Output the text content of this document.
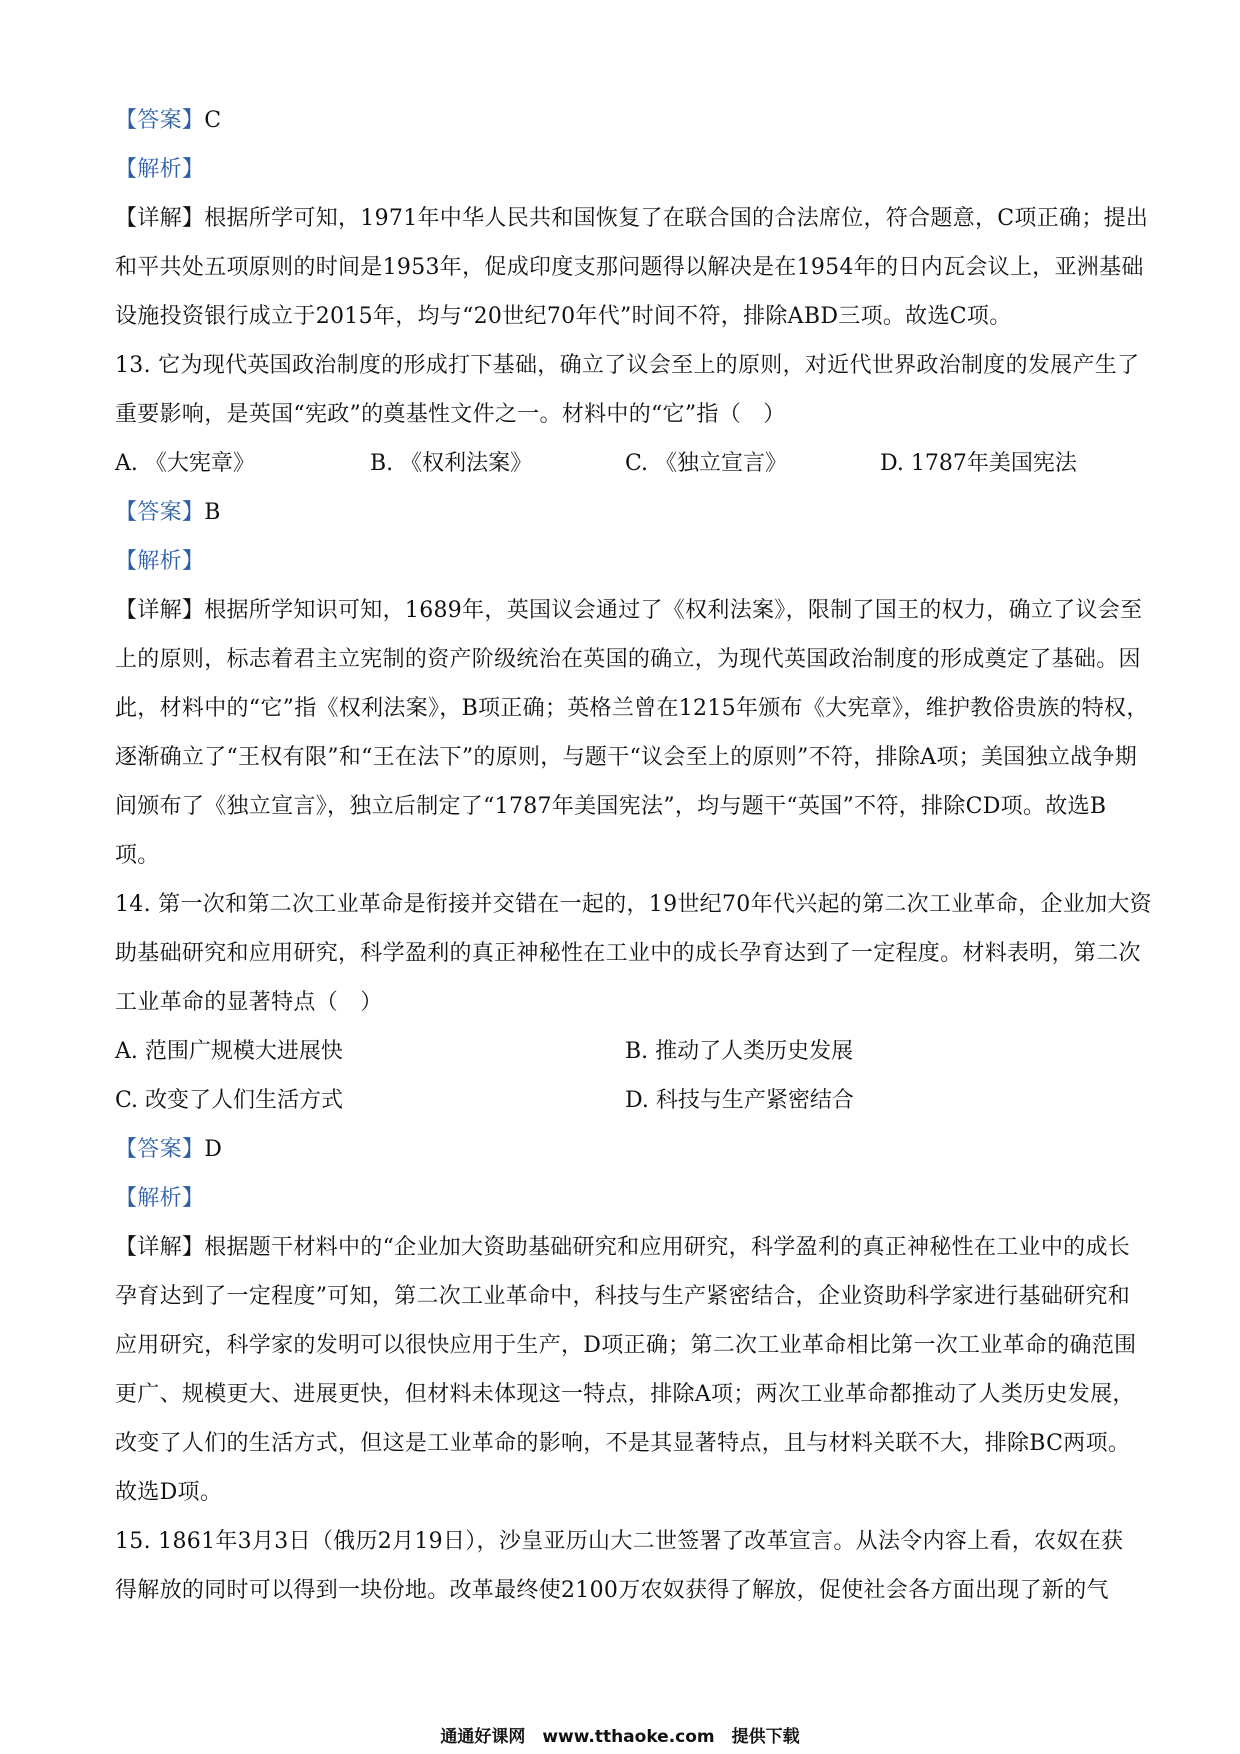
【答案】C
【解析】
【详解】根据所学可知，1971年中华人民共和国恢复了在联合国的合法席位，符合题意，C项正确；提出
和平共处五项原则的时间是1953年，促成印度支那问题得以解决是在1954年的日内瓦会议上，亚洲基础
设施投资银行成立于2015年，均与“20世纪70年代”时间不符，排除ABD三项。故选C项。
13. 它为现代英国政治制度的形成打下基础，确立了议会至上的原则，对近代世界政治制度的发展产生了
重要影响，是英国“宪政”的奠基性文件之一。材料中的“它”指（　）
A. 《大宪章》	B. 《权利法案》	C. 《独立宣言》	D. 1787年美国宪法
【答案】B
【解析】
【详解】根据所学知识可知，1689年，英国议会通过了《权利法案》，限制了国王的权力，确立了议会至
上的原则，标志着君主立宪制的资产阶级统治在英国的确立，为现代英国政治制度的形成奠定了基础。因
此，材料中的“它”指《权利法案》，B项正确；英格兰曾在1215年颁布《大宪章》，维护教俗贵族的特权，
逐渐确立了“王权有限”和“王在法下”的原则，与题干“议会至上的原则”不符，排除A项；美国独立战争期
间颁布了《独立宣言》，独立后制定了“1787年美国宪法”，均与题干“英国”不符，排除CD项。故选B
项。
14. 第一次和第二次工业革命是衔接并交错在一起的，19世纪70年代兴起的第二次工业革命，企业加大资
助基础研究和应用研究，科学盈利的真正神秘性在工业中的成长孕育达到了一定程度。材料表明，第二次
工业革命的显著特点（　）
A. 范围广规模大进展快	B. 推动了人类历史发展
C. 改变了人们生活方式	D. 科技与生产紧密结合
【答案】D
【解析】
【详解】根据题干材料中的“企业加大资助基础研究和应用研究，科学盈利的真正神秘性在工业中的成长
孕育达到了一定程度”可知，第二次工业革命中，科技与生产紧密结合，企业资助科学家进行基础研究和
应用研究，科学家的发明可以很快应用于生产，D项正确；第二次工业革命相比第一次工业革命的确范围
更广、规模更大、进展更快，但材料未体现这一特点，排除A项；两次工业革命都推动了人类历史发展，
改变了人们的生活方式，但这是工业革命的影响，不是其显著特点，且与材料关联不大，排除BC两项。
故选D项。
15. 1861年3月3日（俄历2月19日），沙皇亚历山大二世签署了改革宣言。从法令内容上看，农奴在获
得解放的同时可以得到一块份地。改革最终使2100万农奴获得了解放，促使社会各方面出现了新的气
通通好课网　www.tthaoke.com　提供下载
